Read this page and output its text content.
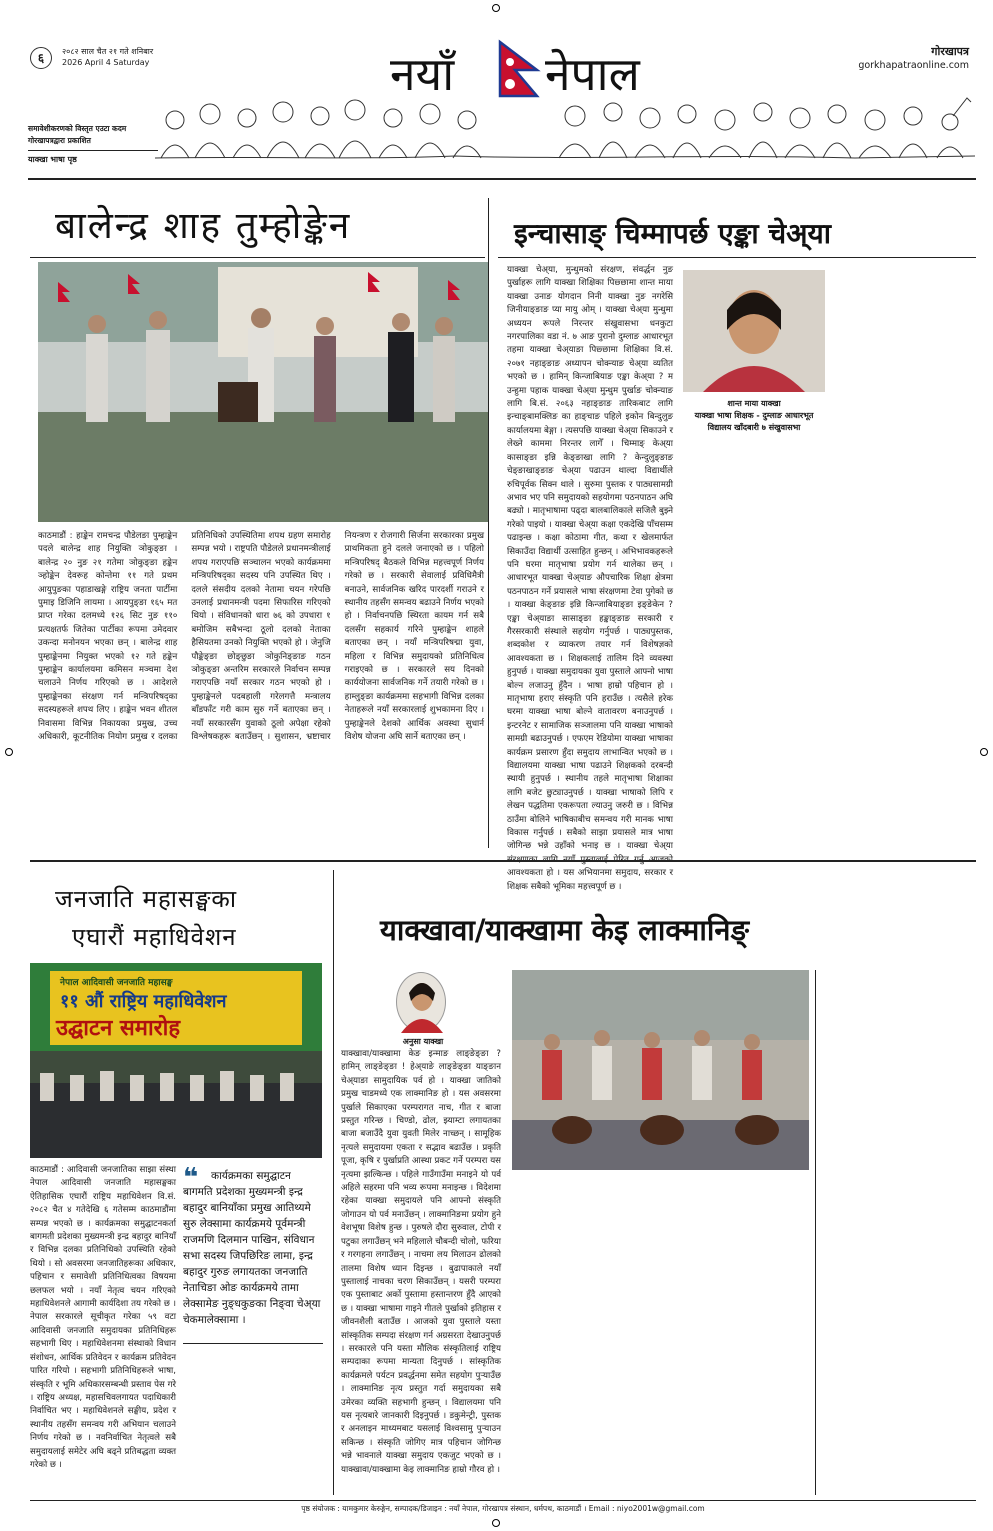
६	२०८२ साल चैत २१ गते शनिबार
2026 April 4 Saturday	नयाँ नेपाल	गोरखापत्र
gorkhapatraonline.com
समावेशीकरणको विस्तृत एउटा कदम
गोरखापत्रद्वारा प्रकाशित
याक्खा भाषा पृष्ठ
बालेन्द्र शाह तुम्होङ्केन
काठमाडौं : हाङ्केन रामचन्द्र पौडेलङा पुम्हाङ्केन पदले बालेन्द्र शाह नियुक्ति ञोकुङ्ङा । बालेन्द्र २० नुङ २१ गतेमा ञोकुङ्ङा हङ्केन ञ्होङ्केन देवरूह कोन्तेमा ११ गते प्रथम आयुपुङका पहाडाखङ्गे राष्ट्रिय जनता पार्टीमा पुमाइ डिजिनि लायमा । आयपुङ्ङा १६५ मत प्राप्त गरेका दलमध्ये १२६ सिट नुङ ११० प्रत्यक्षतर्फ जितेका पार्टीका रूपमा उमेदवार उकन्दा मनोनयन भएका छन् । बालेन्द्र शाह पुम्हाङ्केनमा नियुक्त भएको १२ गते हङ्केन पुम्हाङ्केन कार्यालयमा कमिसन मञ्चमा देश चलाउने निर्णय गरिएको छ । आदेशले पुम्हाङ्केनका संरक्षण गर्न मन्त्रिपरिषद्का सदस्यहरूले शपथ लिए । हाङ्केन भवन शीतल निवासमा विभिन्न निकायका प्रमुख, उच्च अधिकारी, कूटनीतिक नियोग प्रमुख र दलका प्रतिनिधिको उपस्थितिमा शपथ ग्रहण समारोह सम्पन्न भयो । राष्ट्रपति पौडेलले प्रधानमन्त्रीलाई शपथ गराएपछि सञ्चालन भएको कार्यक्रममा मन्त्रिपरिषद्का सदस्य पनि उपस्थित थिए । दलले संसदीय दलको नेतामा चयन गरेपछि उनलाई प्रधानमन्त्री पदमा सिफारिस गरिएको थियो । संविधानको धारा ७६ को उपधारा १ बमोजिम सबैभन्दा ठूलो दलको नेताका हैसियतमा उनको नियुक्ति भएको हो । जेनुजि पौङ्केङ्ङा छोङ्छुङा ञोकुनिङ्ङाङ गठन ञोकुङ्ङा अन्तरिम सरकारले निर्वाचन सम्पन्न गराएपछि नयाँ सरकार गठन भएको हो । पुम्हाङ्केनले पदबहाली गरेलगत्तै मन्त्रालय बाँडफाँट गरी काम सुरु गर्ने बताएका छन् । नयाँ सरकारसँग युवाको ठूलो अपेक्षा रहेको विश्लेषकहरू बताउँछन् । सुशासन, भ्रष्टाचार नियन्त्रण र रोजगारी सिर्जना सरकारका प्रमुख प्राथमिकता हुने दलले जनाएको छ । पहिलो मन्त्रिपरिषद् बैठकले विभिन्न महत्त्वपूर्ण निर्णय गरेको छ । सरकारी सेवालाई प्रविधिमैत्री बनाउने, सार्वजनिक खरिद पारदर्शी गराउने र स्थानीय तहसँग समन्वय बढाउने निर्णय भएको हो । निर्वाचनपछि स्थिरता कायम गर्न सबै दलसँग सहकार्य गरिने पुम्हाङ्केन शाहले बताएका छन् । नयाँ मन्त्रिपरिषद्मा युवा, महिला र विभिन्न समुदायको प्रतिनिधित्व गराइएको छ । सरकारले सय दिनको कार्ययोजना सार्वजनिक गर्ने तयारी गरेको छ । हाम्लुङ्ङा कार्यक्रममा सहभागी विभिन्न दलका नेताहरूले नयाँ सरकारलाई शुभकामना दिए । पुम्हाङ्केनले देशको आर्थिक अवस्था सुधार्न विशेष योजना अघि सार्ने बताएका छन् ।
इन्चासाङ् चिम्मापर्छ एङ्का चेअ्या
शान्त माया याक्खा
याक्खा भाषा शिक्षक - दुम्लाङ आधारभूत
विद्यालय खाँदबारी ७ संखुवासभा
याक्खा चेअ्या, मुन्धुमको संरक्षण, संवर्द्धन नुङ पुर्खाहरू लागि याक्खा शिक्षिका पिछ्छामा शान्त माया याक्खा उनाङ योगदान निनी याक्खा नुङ नगरेसि जिनीयाङ्ङाङ प्या मायु ओम् । याक्खा चेअ्या मुन्धुमा अध्ययन रूपले निरन्तर संखुवासभा धनकुटा नगरपालिका वडा नं. ७ आङ पुरानो दुम्लाङ आधारभूत तहमा याक्खा चेअ्याङा पिछ्छामा शिक्षिका वि.सं. २०७१ नहाङ्ङाङ अध्यापन चोक्न्याङ चेअ्या व्यतित भएको छ । हामिन् किन्जाबियाङ एङ्का केअ्या ? म उन्हुमा पहाक याक्खा चेअ्या मुन्धुम पुर्खाङ चोक्न्याङ लागि बि.सं. २०६३ नहाङ्ङाङ तारिकबाट लागि इन्चाङ्बामक्लिङ का हाङ्चाङ पहिले इकोन बिन्दुलुङ कार्यालयमा बेङ्गा । त्यसपछि याक्खा चेअ्या सिकाउने र लेख्ने काममा निरन्तर लागेँ । चिम्माङ् केअ्या कासाङ्ङा इन्नि केङ्ङाखा लागि ? केन्दुलुङ्ङाङ चेङ्ङाखाङ्ङाङ चेअ्या पढाउन थाल्दा विद्यार्थीले रुचिपूर्वक सिक्न थाले । सुरुमा पुस्तक र पाठ्यसामग्री अभाव भए पनि समुदायको सहयोगमा पठनपाठन अघि बढ्यो । मातृभाषामा पढ्दा बालबालिकाले सजिलै बुझ्ने गरेको पाइयो । याक्खा चेअ्या कक्षा एकदेखि पाँचसम्म पढाइन्छ । कक्षा कोठामा गीत, कथा र खेलमार्फत सिकाउँदा विद्यार्थी उत्साहित हुन्छन् । अभिभावकहरूले पनि घरमा मातृभाषा प्रयोग गर्न थालेका छन् । आधारभूत याक्खा चेअ्याङ औपचारिक शिक्षा क्षेत्रमा पठनपाठन गर्ने प्रयासले भाषा संरक्षणमा टेवा पुगेको छ । याक्खा केङ्ङाङ इन्नि किन्जाबियाङ्ङा इङ्ङेकेन ? एङ्का चेअ्याङा सासाङ्ङा हङ्काङ्ङाङ सरकारी र गैरसरकारी संस्थाले सहयोग गर्नुपर्छ । पाठ्यपुस्तक, शब्दकोश र व्याकरण तयार गर्न विशेषज्ञको आवश्यकता छ । शिक्षकलाई तालिम दिने व्यवस्था हुनुपर्छ । याक्खा समुदायका युवा पुस्ताले आफ्नो भाषा बोल्न लजाउनु हुँदैन । भाषा हाम्रो पहिचान हो । मातृभाषा हराए संस्कृति पनि हराउँछ । त्यसैले हरेक घरमा याक्खा भाषा बोल्ने वातावरण बनाउनुपर्छ । इन्टरनेट र सामाजिक सञ्जालमा पनि याक्खा भाषाको सामग्री बढाउनुपर्छ । एफएम रेडियोमा याक्खा भाषाका कार्यक्रम प्रसारण हुँदा समुदाय लाभान्वित भएको छ । विद्यालयमा याक्खा भाषा पढाउने शिक्षकको दरबन्दी स्थायी हुनुपर्छ । स्थानीय तहले मातृभाषा शिक्षाका लागि बजेट छुट्याउनुपर्छ । याक्खा भाषाको लिपि र लेखन पद्धतिमा एकरूपता ल्याउनु जरुरी छ । विभिन्न ठाउँमा बोलिने भाषिकाबीच समन्वय गरी मानक भाषा विकास गर्नुपर्छ । सबैको साझा प्रयासले मात्र भाषा जोगिन्छ भन्ने उहाँको भनाइ छ । याक्खा चेअ्या आवश्यकता हो । यस अभियानमा समुदाय, सरकार र शिक्षक सबैको भूमिका महत्त्वपूर्ण छ ।
जनजाति महासङ्घका
एघारौं महाधिवेशन
नेपाल आदिवासी जनजाति महासङ्घ
११ औं राष्ट्रिय महाधिवेशन
उद्घाटन समारोह
काठमाडौं : आदिवासी जनजातिका साझा संस्था नेपाल आदिवासी जनजाति महासङ्घका ऐतिहासिक एघारौं राष्ट्रिय महाधिवेशन वि.सं. २०८२ चैत ४ गतेदेखि ६ गतेसम्म काठमाडौंमा सम्पन्न भएको छ । कार्यक्रमका समुद्घाटनकर्ता बागमती प्रदेशका मुख्यमन्त्री इन्द्र बहादुर बानियाँ र विभिन्न दलका प्रतिनिधिको उपस्थिति रहेको थियो । सो अवसरमा जनजातिहरूका अधिकार, पहिचान र समावेशी प्रतिनिधित्वका विषयमा छलफल भयो । नयाँ नेतृत्व चयन गरिएको महाधिवेशनले आगामी कार्यदिशा तय गरेको छ । नेपाल सरकारले सूचीकृत गरेका ५९ वटा आदिवासी जनजाति समुदायका प्रतिनिधिहरू सहभागी थिए । महाधिवेशनमा संस्थाको विधान संशोधन, आर्थिक प्रतिवेदन र कार्यक्रम प्रतिवेदन पारित गरियो । सहभागी प्रतिनिधिहरूले भाषा, संस्कृति र भूमि अधिकारसम्बन्धी प्रस्ताव पेस गरे । राष्ट्रिय अध्यक्ष, महासचिवलगायत पदाधिकारी निर्वाचित भए । महाधिवेशनले सङ्घीय, प्रदेश र स्थानीय तहसँग समन्वय गरी अभियान चलाउने निर्णय गरेको छ । नवनिर्वाचित नेतृत्वले सबै समुदायलाई समेटेर अघि बढ्ने प्रतिबद्धता व्यक्त गरेको छ ।
❝	कार्यक्रमका समुद्घाटन बागमति प्रदेशका मुख्यमन्त्री इन्द्र बहादुर बानियाँका प्रमुख आतिथ्यमे सुरु लेक्सामा कार्यक्रमये पूर्वमन्त्री राजमणि दिलमान पाखिन, संविधान सभा सदस्य जिपछिरिङ लामा, इन्द्र बहादुर गुरुङ लगायतका जनजाति नेताचिङा ओङ कार्यक्रमये तामा लेक्सामेङ नुङ्धकुङका निङ्वा चेअ्या चेकमालेक्सामा ।
याक्खावा/याक्खामा केइ लाक्मानिङ्
अनुसा याक्खा
याक्खावा/याक्खामा केङ इन्माङ लाङ्ङेङ्ङा ? हामिन् लाङ्ङेङ्ङा ! हेअ्याङे लाङ्ङेङ्ङा याङ्ङान चेअ्याङा सामुदायिक पर्व हो । याक्खा जातिको प्रमुख चाडमध्ये एक लाक्मानिङ हो । यस अवसरमा पुर्खाले सिकाएका परम्परागत नाच, गीत र बाजा प्रस्तुत गरिन्छ । चिण्डो, ढोल, झ्याम्टा लगायतका बाजा बजाउँदै युवा युवती मिलेर नाच्छन् । सामूहिक नृत्यले समुदायमा एकता र सद्भाव बढाउँछ । प्रकृति पूजा, कृषि र पुर्खाप्रति आस्था प्रकट गर्ने परम्परा यस नृत्यमा झल्किन्छ । पहिले गाउँगाउँमा मनाइने यो पर्व अहिले सहरमा पनि भव्य रूपमा मनाइन्छ । विदेशमा रहेका याक्खा समुदायले पनि आफ्नो संस्कृति जोगाउन यो पर्व मनाउँछन् । लाक्मानिङमा प्रयोग हुने वेशभूषा विशेष हुन्छ । पुरुषले दौरा सुरुवाल, टोपी र पटुका लगाउँछन् भने महिलाले चौबन्दी चोलो, फरिया र गरगहना लगाउँछन् । नाचमा लय मिलाउन ढोलको तालमा विशेष ध्यान दिइन्छ । बुढापाकाले नयाँ पुस्तालाई नाचका चरण सिकाउँछन् । यसरी परम्परा एक पुस्ताबाट अर्को पुस्तामा हस्तान्तरण हुँदै आएको छ । याक्खा भाषामा गाइने गीतले पुर्खाको इतिहास र जीवनशैली बताउँछ । आजको युवा पुस्ताले यस्ता सांस्कृतिक सम्पदा संरक्षण गर्न अग्रसरता देखाउनुपर्छ । सरकारले पनि यस्ता मौलिक संस्कृतिलाई राष्ट्रिय सम्पदाका रूपमा मान्यता दिनुपर्छ । सांस्कृतिक कार्यक्रमले पर्यटन प्रवर्द्धनमा समेत सहयोग पुर्‍याउँछ । लाक्मानिङ नृत्य प्रस्तुत गर्दा समुदायका सबै उमेरका व्यक्ति सहभागी हुन्छन् । विद्यालयमा पनि यस नृत्यबारे जानकारी दिइनुपर्छ । डकुमेन्ट्री, पुस्तक र अनलाइन माध्यमबाट यसलाई विश्वसामु पुर्‍याउन सकिन्छ । संस्कृति जोगिए मात्र पहिचान जोगिन्छ भन्ने भावनाले याक्खा समुदाय एकजुट भएको छ । याक्खावा/याक्खामा केइ लाक्मानिङ हाम्रो गौरव हो ।
पृष्ठ संयोजक : यामकुमार केरुङ्गेन, सम्पादक/डिजाइन : नयाँ नेपाल, गोरखापत्र संस्थान, धर्मपथ, काठमाडौं । Email : niyo2001w@gmail.com
